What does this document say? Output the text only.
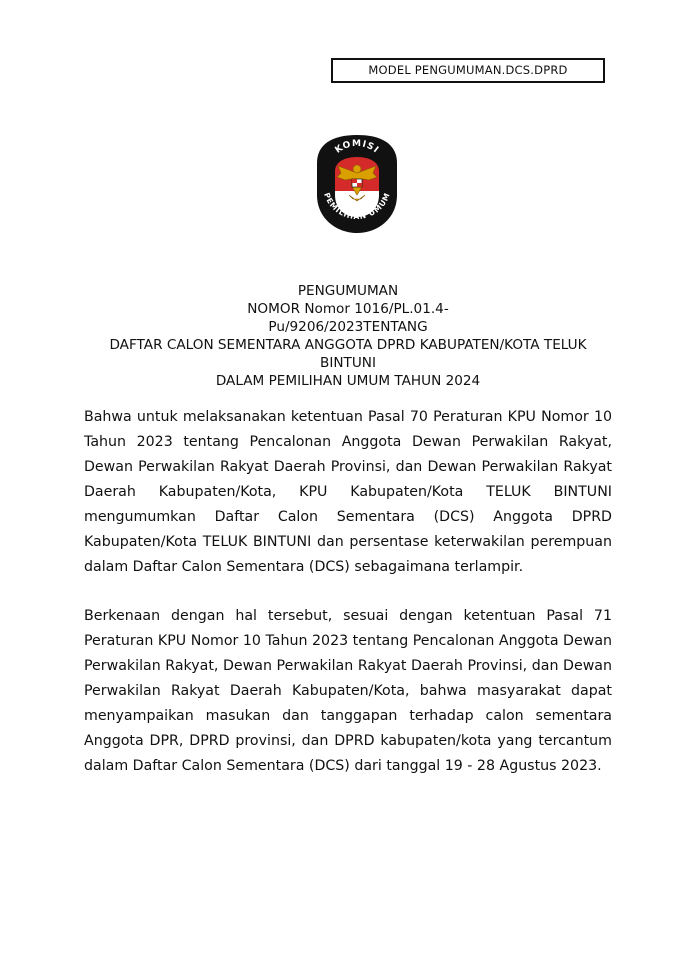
MODEL PENGUMUMAN.DCS.DPRD
KOMISI
PEMILIHAN UMUM
PENGUMUMAN
NOMOR Nomor 1016/PL.01.4-
Pu/9206/2023TENTANG
DAFTAR CALON SEMENTARA ANGGOTA DPRD KABUPATEN/KOTA TELUK
BINTUNI
DALAM PEMILIHAN UMUM TAHUN 2024

Bahwa untuk melaksanakan ketentuan Pasal 70 Peraturan KPU Nomor 10
Tahun 2023 tentang Pencalonan Anggota Dewan Perwakilan Rakyat,
Dewan Perwakilan Rakyat Daerah Provinsi, dan Dewan Perwakilan Rakyat
Daerah Kabupaten/Kota, KPU Kabupaten/Kota TELUK BINTUNI
mengumumkan Daftar Calon Sementara (DCS) Anggota DPRD
Kabupaten/Kota TELUK BINTUNI dan persentase keterwakilan perempuan
dalam Daftar Calon Sementara (DCS) sebagaimana terlampir.

Berkenaan dengan hal tersebut, sesuai dengan ketentuan Pasal 71
Peraturan KPU Nomor 10 Tahun 2023 tentang Pencalonan Anggota Dewan
Perwakilan Rakyat, Dewan Perwakilan Rakyat Daerah Provinsi, dan Dewan
Perwakilan Rakyat Daerah Kabupaten/Kota, bahwa masyarakat dapat
menyampaikan masukan dan tanggapan terhadap calon sementara
Anggota DPR, DPRD provinsi, dan DPRD kabupaten/kota yang tercantum
dalam Daftar Calon Sementara (DCS) dari tanggal 19 - 28 Agustus 2023.
